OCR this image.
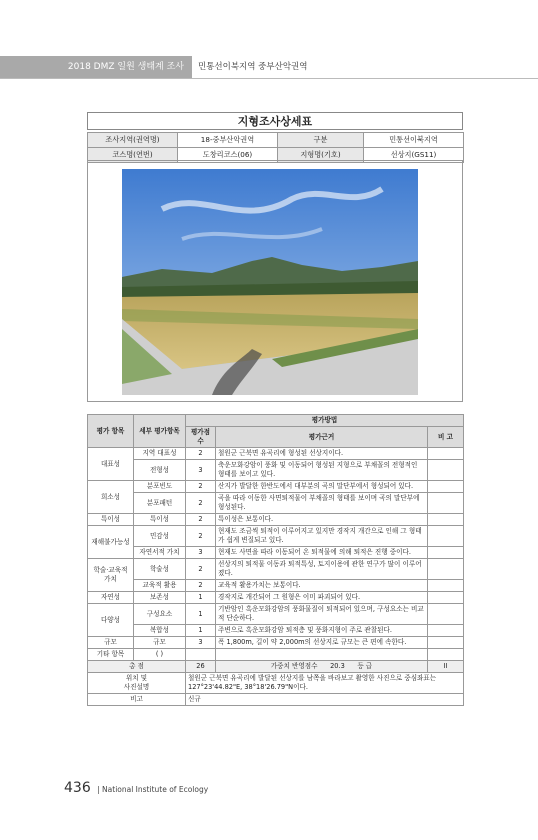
2018 DMZ 일원 생태계 조사	민통선이북지역 중부산악권역
지형조사상세표
조사지역(권역명)	18-중부산악권역	구분	민통선이북지역
코스명(연번)	도창리코스(06)	지형명(기호)	선상지(GS11)
평가 항목	세부 평가항목	평가방법		
		평가점수	평가근거	비 고
대표성	지역 대표성	2	철원군 근북면 유곡리에 형성된 선상지이다.	
	전형성	3	축운모화강암이 풍화 및 이동되어 형성된 지형으로 부채꼴의 전형적인 형태를 보이고 있다.	
희소성	분포빈도	2	산지가 발달한 한반도에서 대부분의 곡의 말단부에서 형성되어 있다.	
	분포패턴	2	곡을 따라 이동한 사면퇴적물이 부채꼴의 형태를 보이며 곡의 말단부에 형성된다.	
특이성	특이성	2	특이성은 보통이다.	
재해불가능성	민감성	2	현재도 조금씩 퇴적이 이루어지고 있지만 경작지 개간으로 인해 그 형태가 쉽게 변질되고 있다.	
	자연서적 가치	3	현재도 사면을 따라 이동되어 온 퇴적물에 의해 퇴적은 진행 중이다.	
학술·교육적 가치	학술성	2	선상지의 퇴적물 이동과 퇴적특성, 토지이용에 관한 연구가 많이 이루어졌다.	
	교육적 활용	2	교육적 활용가치는 보통이다.	
자연성	보존성	1	경작지로 개간되어 그 원형은 이미 파괴되어 있다.	
다양성	구성요소	1	기반암인 흑운모화강암의 풍화물질이 퇴적되어 있으며, 구성요소는 비교적 단순하다.	
	복합성	1	주변으로 흑운모화강암 퇴적층 및 풍화지형이 주로 관찰된다.	
규모	규모	3	폭 1,800m, 길이 약 2,000m의 선상지로 규모는 큰 편에 속한다.	
기타 항목	( )			
총 점		26	가중치 반영점수 20.3 등 급	II
위치 및
사진설명		철원군 근북면 유곡리에 발달된 선상지를 남쪽을 바라보고 촬영한 사진으로 중심좌표는 127°23'44.82"E, 38°18'26.79"N이다.		
비고		신규		
436 | National Institute of Ecology
